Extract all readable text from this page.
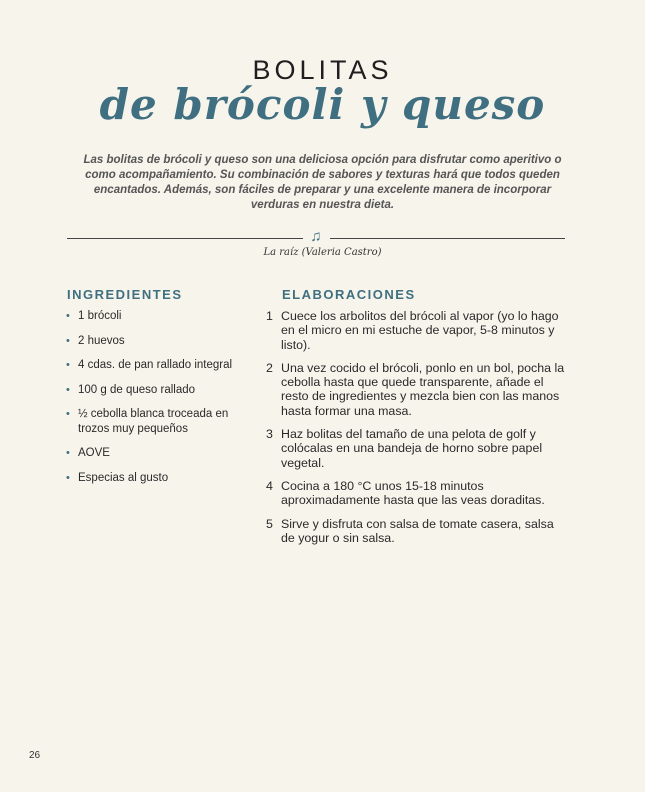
BOLITAS
de brócoli y queso
Las bolitas de brócoli y queso son una deliciosa opción para disfrutar como aperitivo o como acompañamiento. Su combinación de sabores y texturas hará que todos queden encantados. Además, son fáciles de preparar y una excelente manera de incorporar verduras en nuestra dieta.
♫
La raíz (Valeria Castro)
INGREDIENTES
• 1 brócoli
• 2 huevos
• 4 cdas. de pan rallado integral
• 100 g de queso rallado
• ½ cebolla blanca troceada en trozos muy pequeños
• AOVE
• Especias al gusto
ELABORACIONES
1 Cuece los arbolitos del brócoli al vapor (yo lo hago en el micro en mi estuche de vapor, 5-8 minutos y listo).
2 Una vez cocido el brócoli, ponlo en un bol, pocha la cebolla hasta que quede transparente, añade el resto de ingredientes y mezcla bien con las manos hasta formar una masa.
3 Haz bolitas del tamaño de una pelota de golf y colócalas en una bandeja de horno sobre papel vegetal.
4 Cocina a 180 °C unos 15-18 minutos aproximadamente hasta que las veas doraditas.
5 Sirve y disfruta con salsa de tomate casera, salsa de yogur o sin salsa.
26
